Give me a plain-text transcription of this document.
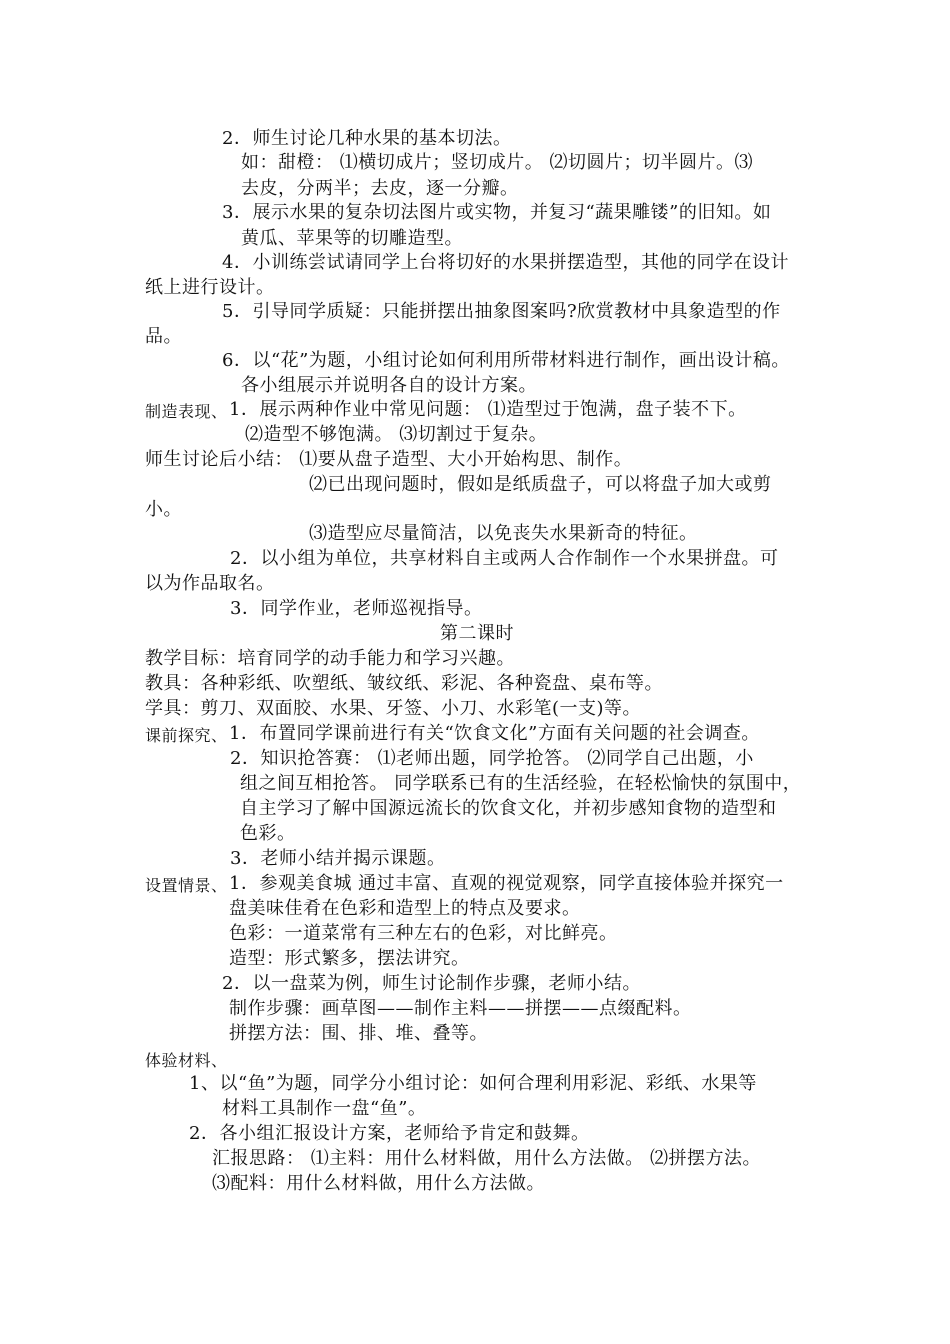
2．师生讨论几种水果的基本切法。
如：甜橙： ⑴横切成片；竖切成片。 ⑵切圆片；切半圆片。⑶
去皮，分两半；去皮，逐一分瓣。
3．展示水果的复杂切法图片或实物，并复习“蔬果雕镂”的旧知。如
黄瓜、苹果等的切雕造型。
4．小训练尝试请同学上台将切好的水果拼摆造型，其他的同学在设计
纸上进行设计。
5．引导同学质疑：只能拼摆出抽象图案吗?欣赏教材中具象造型的作
品。
6．以“花”为题，小组讨论如何利用所带材料进行制作，画出设计稿。
各小组展示并说明各自的设计方案。
制造表现、 1．展示两种作业中常见问题： ⑴造型过于饱满，盘子装不下。
⑵造型不够饱满。 ⑶切割过于复杂。
师生讨论后小结： ⑴要从盘子造型、大小开始构思、制作。
⑵已出现问题时，假如是纸质盘子，可以将盘子加大或剪
小。
⑶造型应尽量简洁，以免丧失水果新奇的特征。
2．以小组为单位，共享材料自主或两人合作制作一个水果拼盘。可
以为作品取名。
3．同学作业，老师巡视指导。
第二课时
教学目标：培育同学的动手能力和学习兴趣。
教具：各种彩纸、吹塑纸、皱纹纸、彩泥、各种瓷盘、桌布等。
学具：剪刀、双面胶、水果、牙签、小刀、水彩笔(一支)等。
课前探究、 1．布置同学课前进行有关“饮食文化”方面有关问题的社会调查。
2．知识抢答赛： ⑴老师出题，同学抢答。 ⑵同学自己出题，小
组之间互相抢答。 同学联系已有的生活经验，在轻松愉快的氛围中，
自主学习了解中国源远流长的饮食文化，并初步感知食物的造型和
色彩。
3．老师小结并揭示课题。
设置情景、 1．参观美食城 通过丰富、直观的视觉观察，同学直接体验并探究一
盘美味佳肴在色彩和造型上的特点及要求。
色彩：一道菜常有三种左右的色彩，对比鲜亮。
造型：形式繁多，摆法讲究。
2．以一盘菜为例，师生讨论制作步骤，老师小结。
制作步骤：画草图——制作主料——拼摆——点缀配料。
拼摆方法：围、排、堆、叠等。
体验材料、
1、以“鱼”为题，同学分小组讨论：如何合理利用彩泥、彩纸、水果等
材料工具制作一盘“鱼”。
2．各小组汇报设计方案，老师给予肯定和鼓舞。
汇报思路： ⑴主料：用什么材料做，用什么方法做。 ⑵拼摆方法。
⑶配料：用什么材料做，用什么方法做。
